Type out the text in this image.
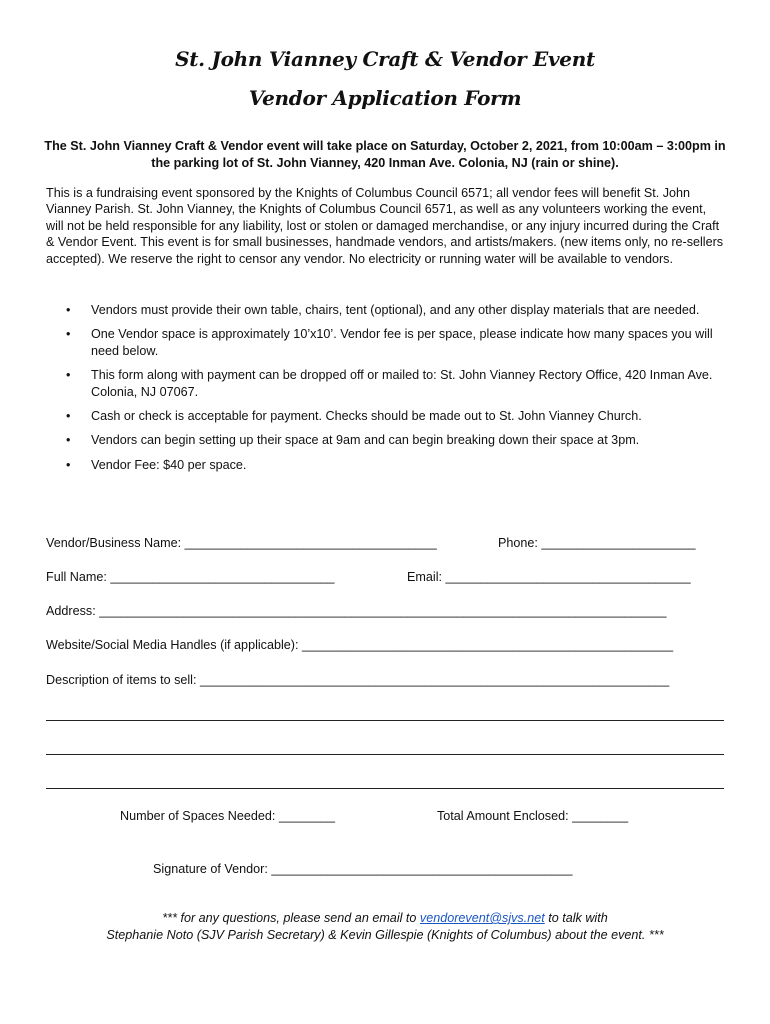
St. John Vianney Craft & Vendor Event
Vendor Application Form
The St. John Vianney Craft & Vendor event will take place on Saturday, October 2, 2021, from 10:00am – 3:00pm in the parking lot of St. John Vianney, 420 Inman Ave. Colonia, NJ (rain or shine).
This is a fundraising event sponsored by the Knights of Columbus Council 6571; all vendor fees will benefit St. John Vianney Parish. St. John Vianney, the Knights of Columbus Council 6571, as well as any volunteers working the event, will not be held responsible for any liability, lost or stolen or damaged merchandise, or any injury incurred during the Craft & Vendor Event. This event is for small businesses, handmade vendors, and artists/makers. (new items only, no re-sellers accepted). We reserve the right to censor any vendor. No electricity or running water will be available to vendors.
• Vendors must provide their own table, chairs, tent (optional), and any other display materials that are needed.
• One Vendor space is approximately 10’x10’. Vendor fee is per space, please indicate how many spaces you will need below.
• This form along with payment can be dropped off or mailed to: St. John Vianney Rectory Office, 420 Inman Ave. Colonia, NJ 07067.
• Cash or check is acceptable for payment. Checks should be made out to St. John Vianney Church.
• Vendors can begin setting up their space at 9am and can begin breaking down their space at 3pm.
• Vendor Fee: $40 per space.
Vendor/Business Name: ____________________________________	Phone: ______________________
Full Name: ________________________________	Email: ___________________________________
Address: _________________________________________________________________________________
Website/Social Media Handles (if applicable): _____________________________________________________
Description of items to sell: ___________________________________________________________________
Number of Spaces Needed: ________	Total Amount Enclosed: ________
Signature of Vendor: ___________________________________________
*** for any questions, please send an email to vendorevent@sjvs.net to talk with
Stephanie Noto (SJV Parish Secretary) & Kevin Gillespie (Knights of Columbus) about the event. ***
